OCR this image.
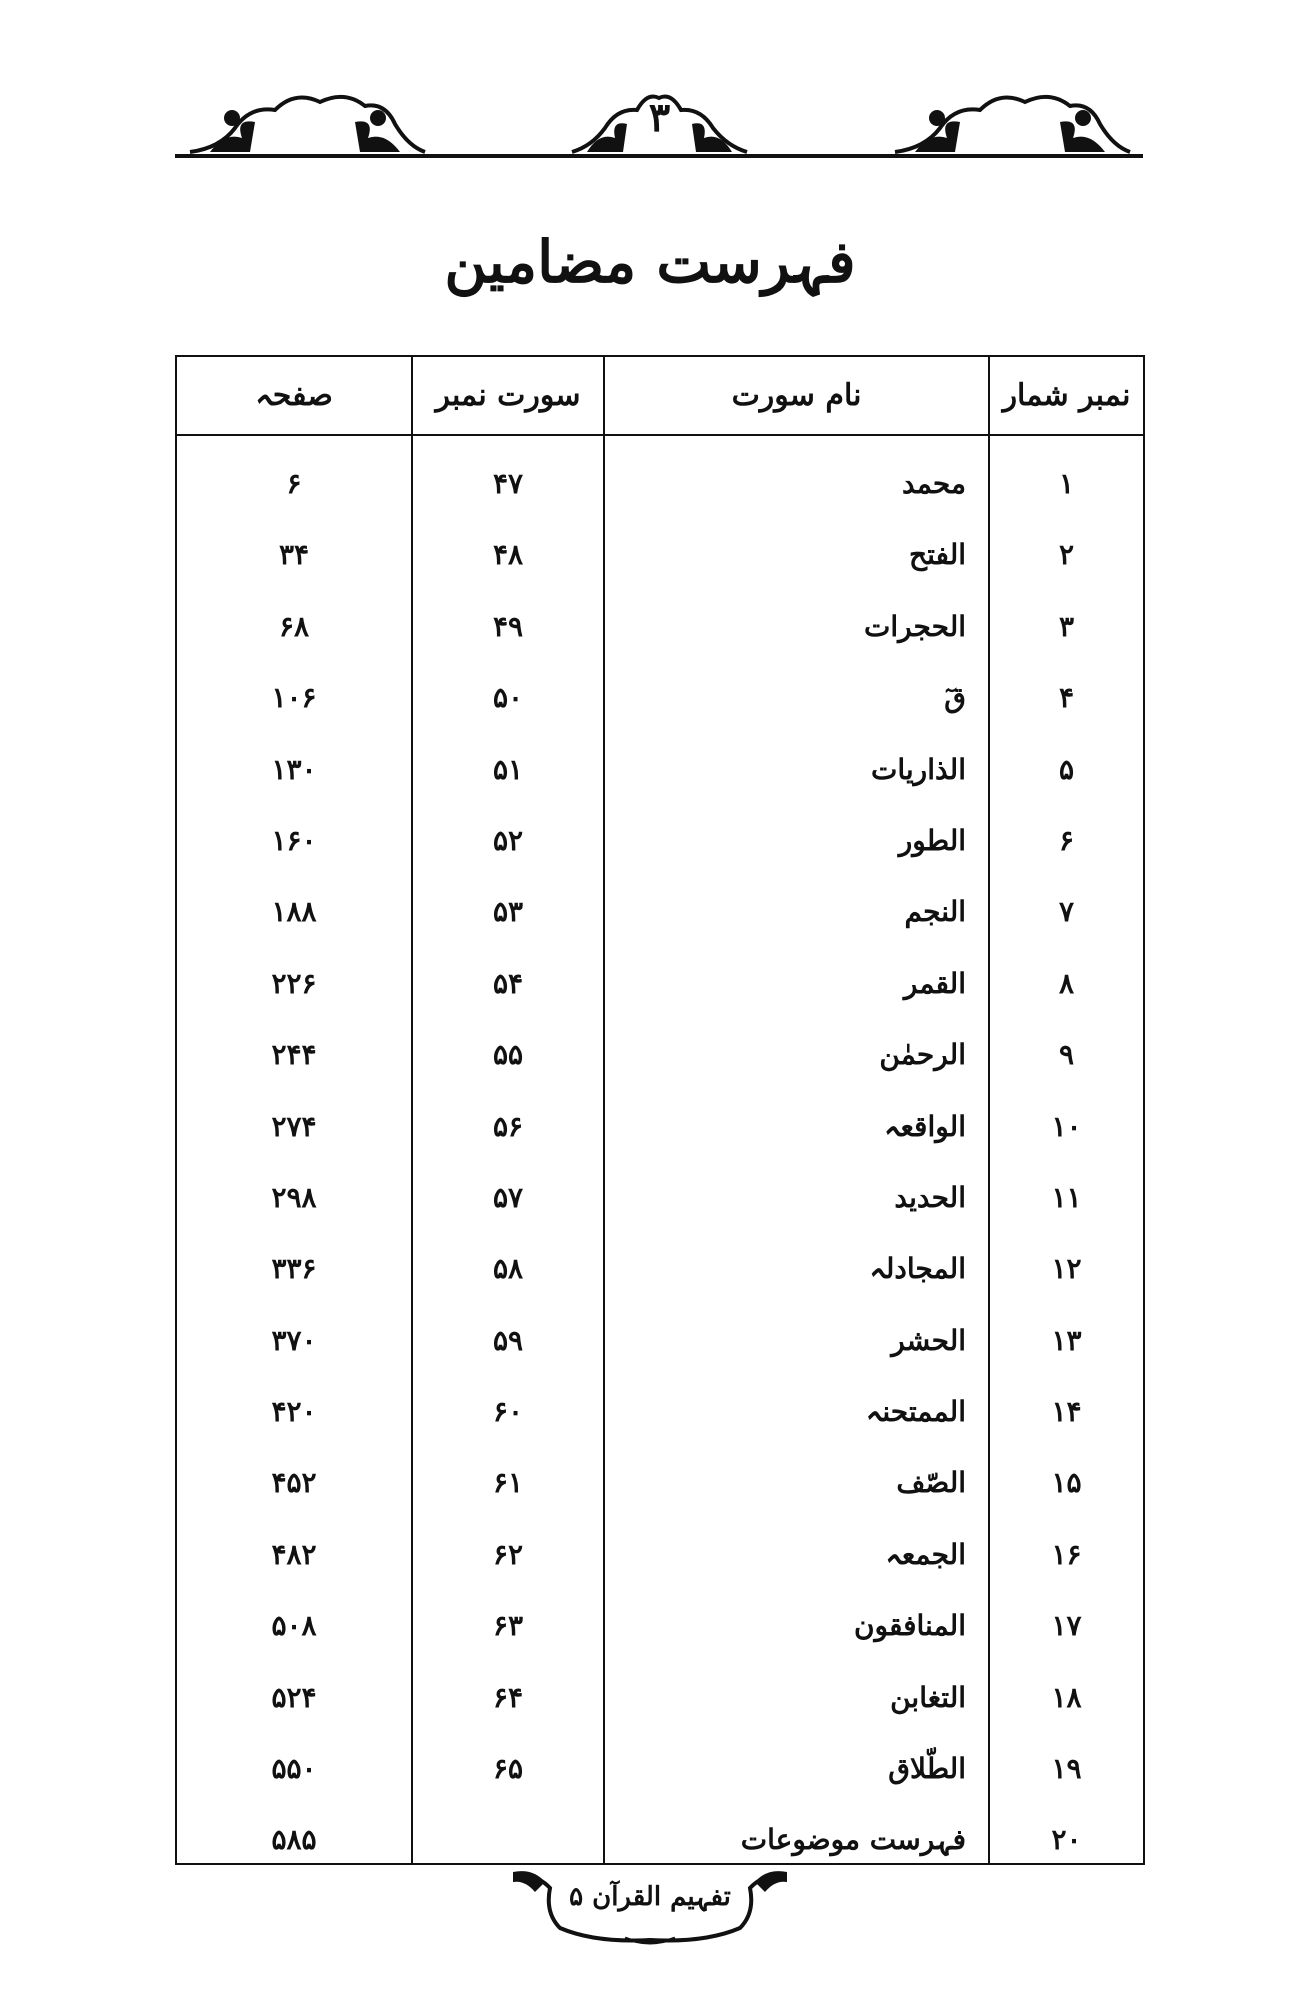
۳
فہرست مضامین
نمبر شمار
نام سورت
سورت نمبر
صفحہ
۱
محمد
۴۷
۶
۲
الفتح
۴۸
۳۴
۳
الحجرات
۴۹
۶۸
۴
قٓ
۵۰
۱۰۶
۵
الذاریات
۵۱
۱۳۰
۶
الطور
۵۲
۱۶۰
۷
النجم
۵۳
۱۸۸
۸
القمر
۵۴
۲۲۶
۹
الرحمٰن
۵۵
۲۴۴
۱۰
الواقعہ
۵۶
۲۷۴
۱۱
الحدید
۵۷
۲۹۸
۱۲
المجادلہ
۵۸
۳۳۶
۱۳
الحشر
۵۹
۳۷۰
۱۴
الممتحنہ
۶۰
۴۲۰
۱۵
الصّف
۶۱
۴۵۲
۱۶
الجمعہ
۶۲
۴۸۲
۱۷
المنافقون
۶۳
۵۰۸
۱۸
التغابن
۶۴
۵۲۴
۱۹
الطّلاق
۶۵
۵۵۰
۲۰
فہرست موضوعات
۵۸۵
تفہیم القرآن ۵
